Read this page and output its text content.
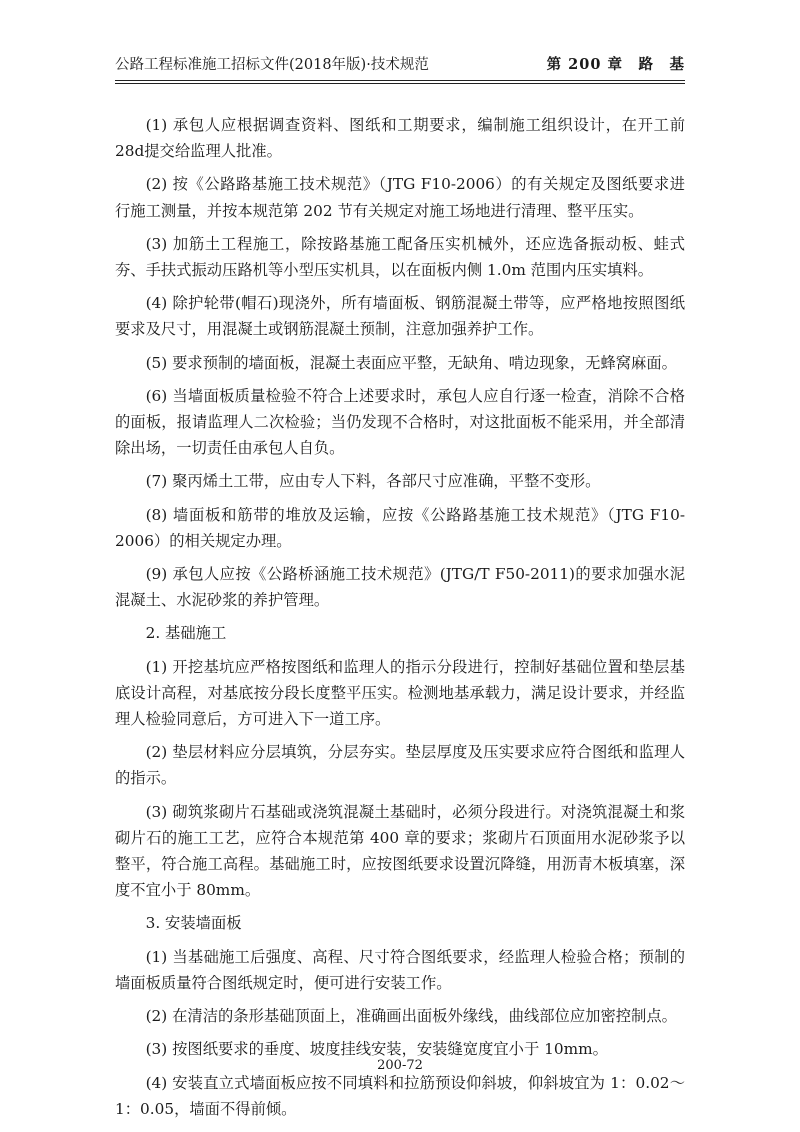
公路工程标准施工招标文件(2018年版)·技术规范	第 200 章　路　基

(1) 承包人应根据调查资料、图纸和工期要求，编制施工组织设计，在开工前28d提交给监理人批准。

(2) 按《公路路基施工技术规范》（JTG F10-2006）的有关规定及图纸要求进行施工测量，并按本规范第 202 节有关规定对施工场地进行清理、整平压实。

(3) 加筋土工程施工，除按路基施工配备压实机械外，还应选备振动板、蛙式夯、手扶式振动压路机等小型压实机具，以在面板内侧 1.0m 范围内压实填料。

(4) 除护轮带(帽石)现浇外，所有墙面板、钢筋混凝土带等，应严格地按照图纸要求及尺寸，用混凝土或钢筋混凝土预制，注意加强养护工作。

(5) 要求预制的墙面板，混凝土表面应平整，无缺角、啃边现象，无蜂窝麻面。

(6) 当墙面板质量检验不符合上述要求时，承包人应自行逐一检查，消除不合格的面板，报请监理人二次检验；当仍发现不合格时，对这批面板不能采用，并全部清除出场，一切责任由承包人自负。

(7) 聚丙烯土工带，应由专人下料，各部尺寸应准确，平整不变形。

(8) 墙面板和筋带的堆放及运输，应按《公路路基施工技术规范》（JTG F10-2006）的相关规定办理。

(9) 承包人应按《公路桥涵施工技术规范》(JTG/T F50-2011)的要求加强水泥混凝土、水泥砂浆的养护管理。

2. 基础施工

(1) 开挖基坑应严格按图纸和监理人的指示分段进行，控制好基础位置和垫层基底设计高程，对基底按分段长度整平压实。检测地基承载力，满足设计要求，并经监理人检验同意后，方可进入下一道工序。

(2) 垫层材料应分层填筑，分层夯实。垫层厚度及压实要求应符合图纸和监理人的指示。

(3) 砌筑浆砌片石基础或浇筑混凝土基础时，必须分段进行。对浇筑混凝土和浆砌片石的施工工艺，应符合本规范第 400 章的要求；浆砌片石顶面用水泥砂浆予以整平，符合施工高程。基础施工时，应按图纸要求设置沉降缝，用沥青木板填塞，深度不宜小于 80mm。

3. 安装墙面板

(1) 当基础施工后强度、高程、尺寸符合图纸要求，经监理人检验合格；预制的墙面板质量符合图纸规定时，便可进行安装工作。

(2) 在清洁的条形基础顶面上，准确画出面板外缘线，曲线部位应加密控制点。

(3) 按图纸要求的垂度、坡度挂线安装，安装缝宽度宜小于 10mm。

(4) 安装直立式墙面板应按不同填料和拉筋预设仰斜坡，仰斜坡宜为 1：0.02～1：0.05，墙面不得前倾。

200-72
